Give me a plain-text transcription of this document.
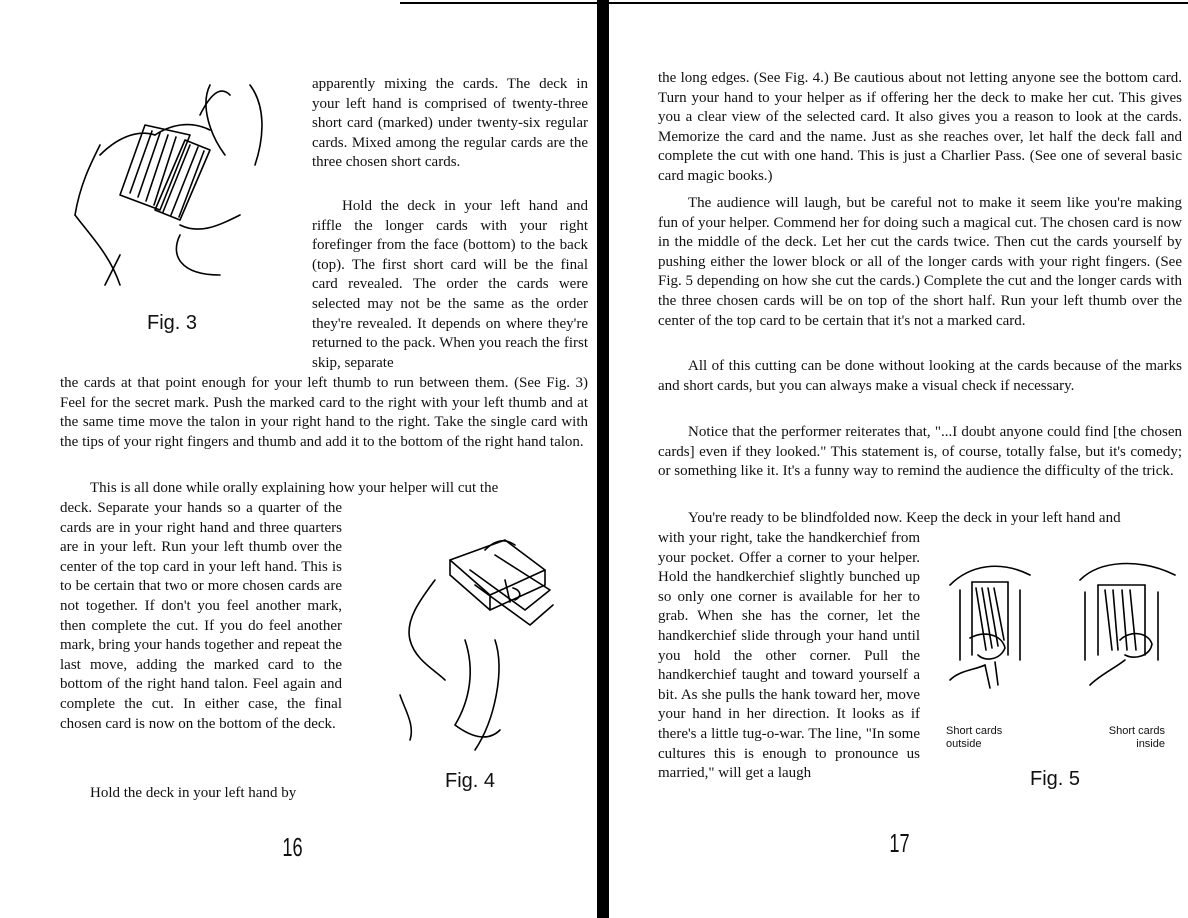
Fig. 3
apparently mixing the cards. The deck in your left hand is comprised of twenty-three short card (marked) under twenty-six regular cards. Mixed among the regular cards are the three chosen short cards.
Hold the deck in your left hand and riffle the longer cards with your right forefinger from the face (bottom) to the back (top). The first short card will be the final card revealed. The order the cards were selected may not be the same as the order they're revealed. It depends on where they're returned to the pack. When you reach the first skip, separate
the cards at that point enough for your left thumb to run between them. (See Fig. 3) Feel for the secret mark. Push the marked card to the right with your left thumb and at the same time move the talon in your right hand to the right. Take the single card with the tips of your right fingers and thumb and add it to the bottom of the right hand talon.
This is all done while orally explaining how your helper will cut the
deck. Separate your hands so a quarter of the cards are in your right hand and three quarters are in your left. Run your left thumb over the center of the top card in your left hand. This is to be certain that two or more chosen cards are not together. If don't you feel another mark, then complete the cut. If you do feel another mark, bring your hands together and repeat the last move, adding the marked card to the bottom of the right hand talon. Feel again and complete the cut. In either case, the final chosen card is now on the bottom of the deck.
Hold the deck in your left hand by
Fig. 4
16
the long edges. (See Fig. 4.) Be cautious about not letting anyone see the bottom card. Turn your hand to your helper as if offering her the deck to make her cut. This gives you a clear view of the selected card. It also gives you a reason to look at the cards. Memorize the card and the name. Just as she reaches over, let half the deck fall and complete the cut with one hand. This is just a Charlier Pass. (See one of several basic card magic books.)
The audience will laugh, but be careful not to make it seem like you're making fun of your helper. Commend her for doing such a magical cut. The chosen card is now in the middle of the deck. Let her cut the cards twice. Then cut the cards yourself by pushing either the lower block or all of the longer cards with your right fingers. (See Fig. 5 depending on how she cut the cards.) Complete the cut and the longer cards with the three chosen cards will be on top of the short half. Run your left thumb over the center of the top card to be certain that it's not a marked card.
All of this cutting can be done without looking at the cards because of the marks and short cards, but you can always make a visual check if necessary.
Notice that the performer reiterates that, "...I doubt anyone could find [the chosen cards] even if they looked." This statement is, of course, totally false, but it's comedy; or something like it. It's a funny way to remind the audience the difficulty of the trick.
You're ready to be blindfolded now. Keep the deck in your left hand and
with your right, take the handkerchief from your pocket. Offer a corner to your helper. Hold the handkerchief slightly bunched up so only one corner is available for her to grab. When she has the corner, let the handkerchief slide through your hand until you hold the other corner. Pull the handkerchief taught and toward yourself a bit. As she pulls the hank toward her, move your hand in her direction. It looks as if there's a little tug-o-war. The line, "In some cultures this is enough to pronounce us married," will get a laugh
Short cards outside
Short cards inside
Fig. 5
17
